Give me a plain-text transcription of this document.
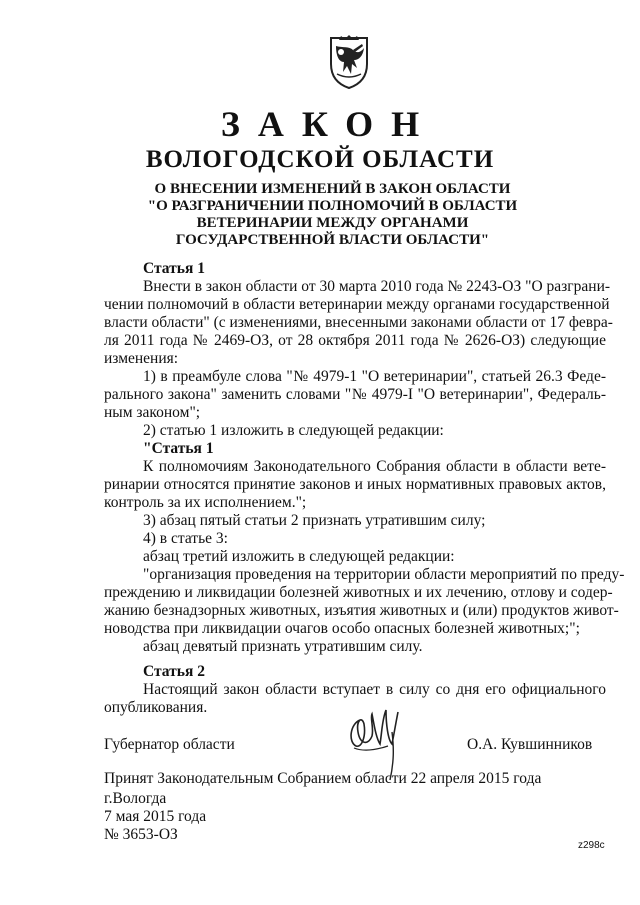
ЗАКОН
ВОЛОГОДСКОЙ ОБЛАСТИ
О ВНЕСЕНИИ ИЗМЕНЕНИЙ В ЗАКОН ОБЛАСТИ
"О РАЗГРАНИЧЕНИИ ПОЛНОМОЧИЙ В ОБЛАСТИ
ВЕТЕРИНАРИИ МЕЖДУ ОРГАНАМИ
ГОСУДАРСТВЕННОЙ ВЛАСТИ ОБЛАСТИ"
Статья 1
Внести в закон области от 30 марта 2010 года № 2243-ОЗ "О разграни-
чении полномочий в области ветеринарии между органами государственной
власти области" (с изменениями, внесенными законами области от 17 февра-
ля 2011 года № 2469-ОЗ, от 28 октября 2011 года № 2626-ОЗ) следующие
изменения:
1) в преамбуле слова "№ 4979-1 "О ветеринарии", статьей 26.3 Феде-
рального закона" заменить словами "№ 4979-I "О ветеринарии", Федераль-
ным законом";
2) статью 1 изложить в следующей редакции:
"Статья 1
К полномочиям Законодательного Собрания области в области вете-
ринарии относятся принятие законов и иных нормативных правовых актов,
контроль за их исполнением.";
3) абзац пятый статьи 2 признать утратившим силу;
4) в статье 3:
абзац третий изложить в следующей редакции:
"организация проведения на территории области мероприятий по преду-
преждению и ликвидации болезней животных и их лечению, отлову и содер-
жанию безнадзорных животных, изъятия животных и (или) продуктов живот-
новодства при ликвидации очагов особо опасных болезней животных;";
абзац девятый признать утратившим силу.
Статья 2
Настоящий закон области вступает в силу со дня его официального
опубликования.
Губернатор области	О.А. Кувшинников
Принят Законодательным Собранием области 22 апреля 2015 года
г.Вологда
7 мая 2015 года
№ 3653-ОЗ
z298c
